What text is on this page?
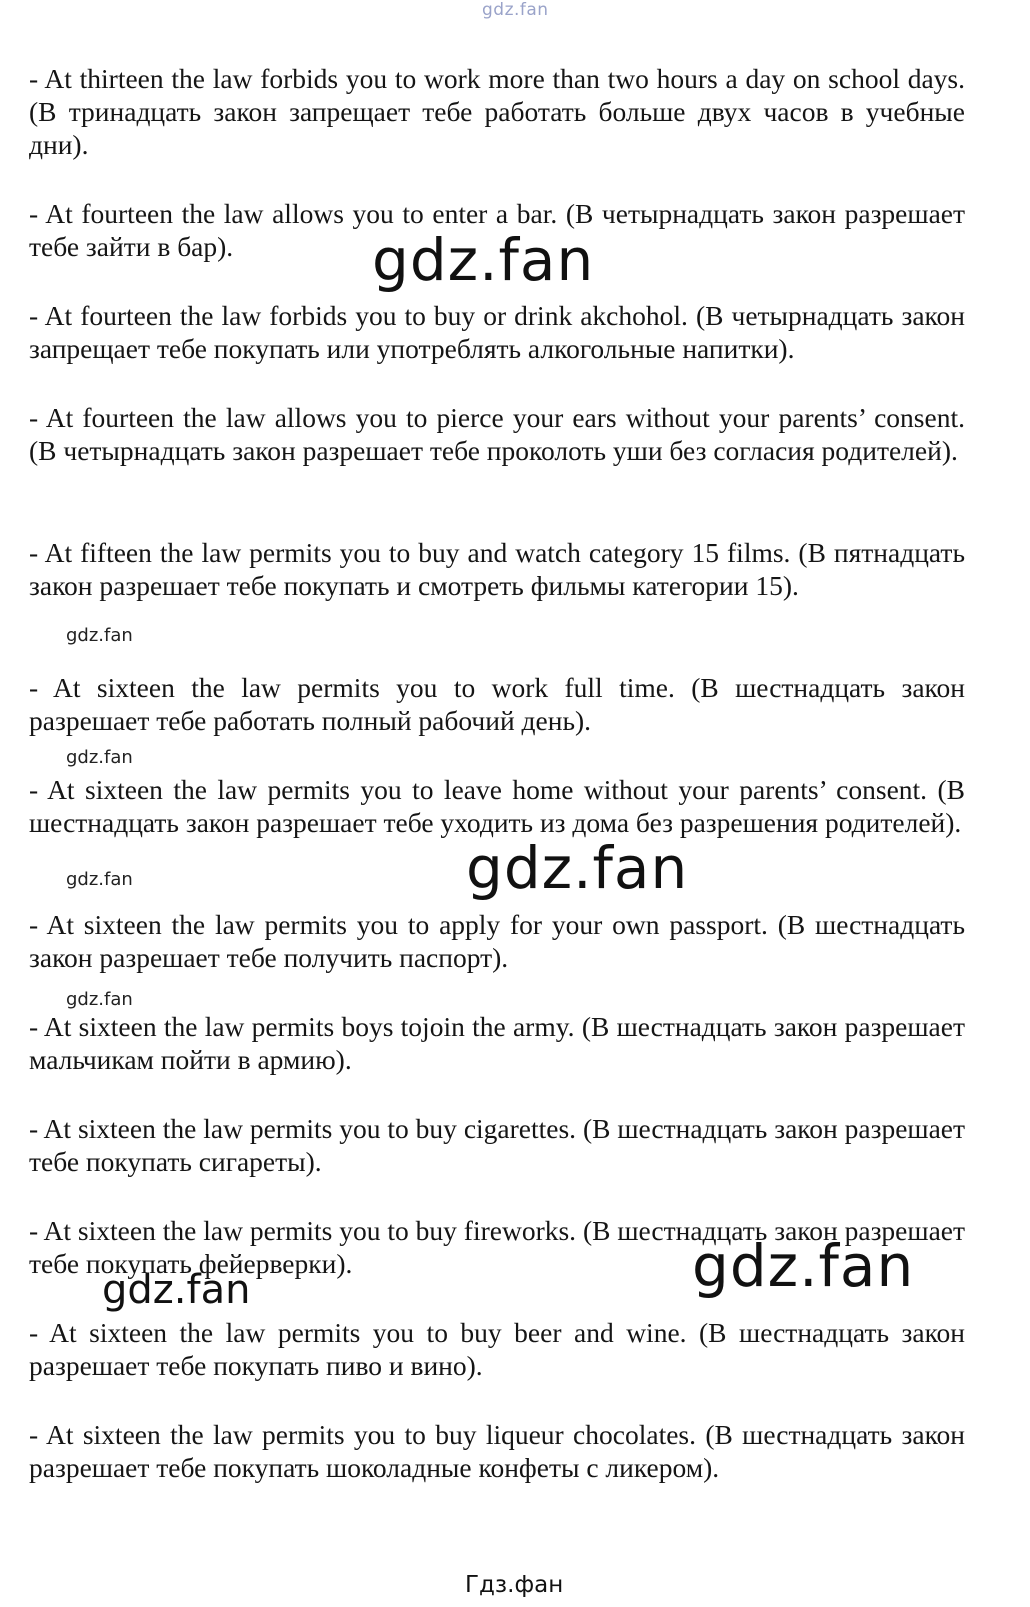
gdz.fan

- At thirteen the law forbids you to work more than two hours a day on school days. (В тринадцать закон запрещает тебе работать больше двух часов в учебные дни).

- At fourteen the law allows you to enter a bar. (В четырнадцать закон разрешает тебе зайти в бар).

- At fourteen the law forbids you to buy or drink akchohol. (В четырнадцать закон запрещает тебе покупать или употреблять алкогольные напитки).

- At fourteen the law allows you to pierce your ears without your parents’ consent. (В четырнадцать закон разрешает тебе проколоть уши без согласия родителей).

- At fifteen the law permits you to buy and watch category 15 films. (В пятнадцать закон разрешает тебе покупать и смотреть фильмы категории 15).

- At sixteen the law permits you to work full time. (В шестнадцать закон разрешает тебе работать полный рабочий день).

- At sixteen the law permits you to leave home without your parents’ consent. (В шестнадцать закон разрешает тебе уходить из дома без разрешения родителей).

- At sixteen the law permits you to apply for your own passport. (В шестнадцать закон разрешает тебе получить паспорт).

- At sixteen the law permits boys tojoin the army. (В шестнадцать закон разрешает мальчикам пойти в армию).

- At sixteen the law permits you to buy cigarettes. (В шестнадцать закон разрешает тебе покупать сигареты).

- At sixteen the law permits you to buy fireworks. (В шестнадцать закон разрешает тебе покупать фейерверки).

- At sixteen the law permits you to buy beer and wine. (В шестнадцать закон разрешает тебе покупать пиво и вино).

- At sixteen the law permits you to buy liqueur chocolates. (В шестнадцать закон разрешает тебе покупать шоколадные конфеты с ликером).

gdz.fan

gdz.fan

gdz.fan

gdz.fan

gdz.fan

gdz.fan

gdz.fan

gdz.fan

Гдз.фан
